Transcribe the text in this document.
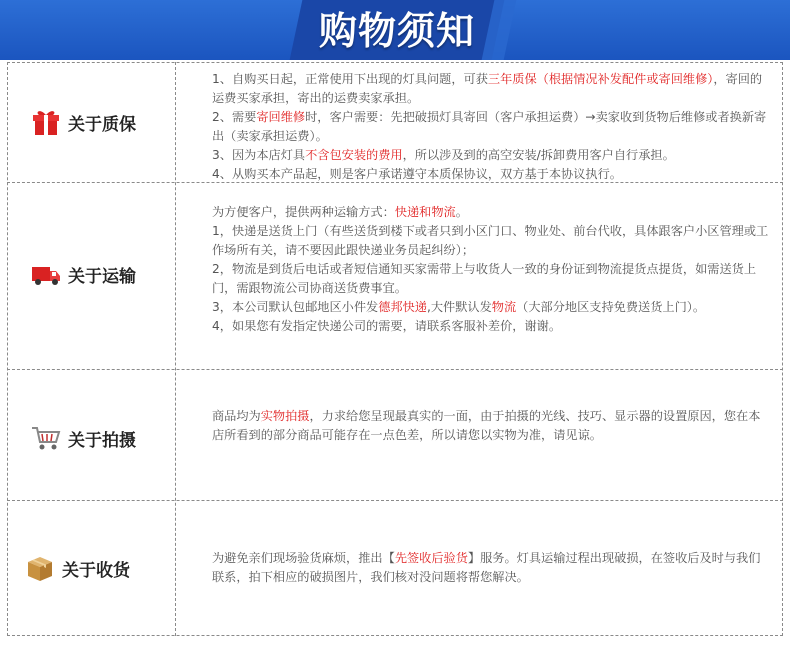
购物须知
关于质保

1、自购买日起，正常使用下出现的灯具问题，可获三年质保（根据情况补发配件或寄回维修），寄回的运费买家承担，寄出的运费卖家承担。

2、需要寄回维修时，客户需要：先把破损灯具寄回（客户承担运费）→卖家收到货物后维修或者换新寄出（卖家承担运费）。

3、因为本店灯具不含包安装的费用，所以涉及到的高空安装/拆卸费用客户自行承担。

4、从购买本产品起，则是客户承诺遵守本质保协议，双方基于本协议执行。

关于运输

为方便客户，提供两种运输方式：快递和物流。

1，快递是送货上门（有些送货到楼下或者只到小区门口、物业处、前台代收，具体跟客户小区管理或工作场所有关，请不要因此跟快递业务员起纠纷）；

2，物流是到货后电话或者短信通知买家需带上与收货人一致的身份证到物流提货点提货，如需送货上门，需跟物流公司协商送货费事宜。

3，本公司默认包邮地区小件发德邦快递,大件默认发物流（大部分地区支持免费送货上门）。

4，如果您有发指定快递公司的需要，请联系客服补差价，谢谢。

关于拍摄

商品均为实物拍摄，力求给您呈现最真实的一面，由于拍摄的光线、技巧、显示器的设置原因，您在本店所看到的部分商品可能存在一点色差，所以请您以实物为准，请见谅。

关于收货

为避免亲们现场验货麻烦，推出【先签收后验货】服务。灯具运输过程出现破损，在签收后及时与我们联系，拍下相应的破损图片，我们核对没问题将帮您解决。
